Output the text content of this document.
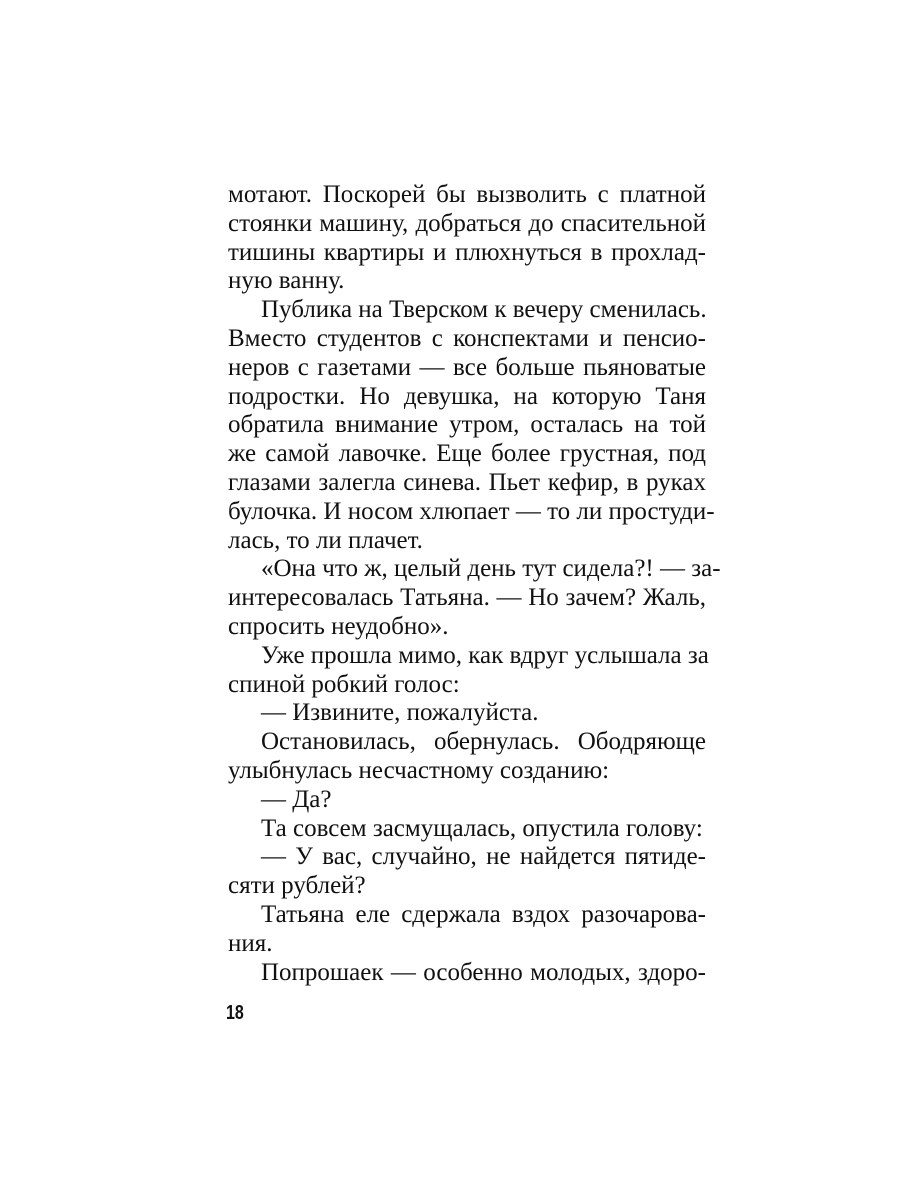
мотают. Поскорей бы вызволить с платной
стоянки машину, добраться до спасительной
тишины квартиры и плюхнуться в прохлад-
ную ванну.
Публика на Тверском к вечеру сменилась.
Вместо студентов с конспектами и пенсио-
неров с газетами — все больше пьяноватые
подростки. Но девушка, на которую Таня
обратила внимание утром, осталась на той
же самой лавочке. Еще более грустная, под
глазами залегла синева. Пьет кефир, в руках
булочка. И носом хлюпает — то ли простуди-
лась, то ли плачет.
«Она что ж, целый день тут сидела?! — за-
интересовалась Татьяна. — Но зачем? Жаль,
спросить неудобно».
Уже прошла мимо, как вдруг услышала за
спиной робкий голос:
— Извините, пожалуйста.
Остановилась, обернулась. Ободряюще
улыбнулась несчастному созданию:
— Да?
Та совсем засмущалась, опустила голову:
— У вас, случайно, не найдется пятиде-
сяти рублей?
Татьяна еле сдержала вздох разочарова-
ния.
Попрошаек — особенно молодых, здоро-
18
